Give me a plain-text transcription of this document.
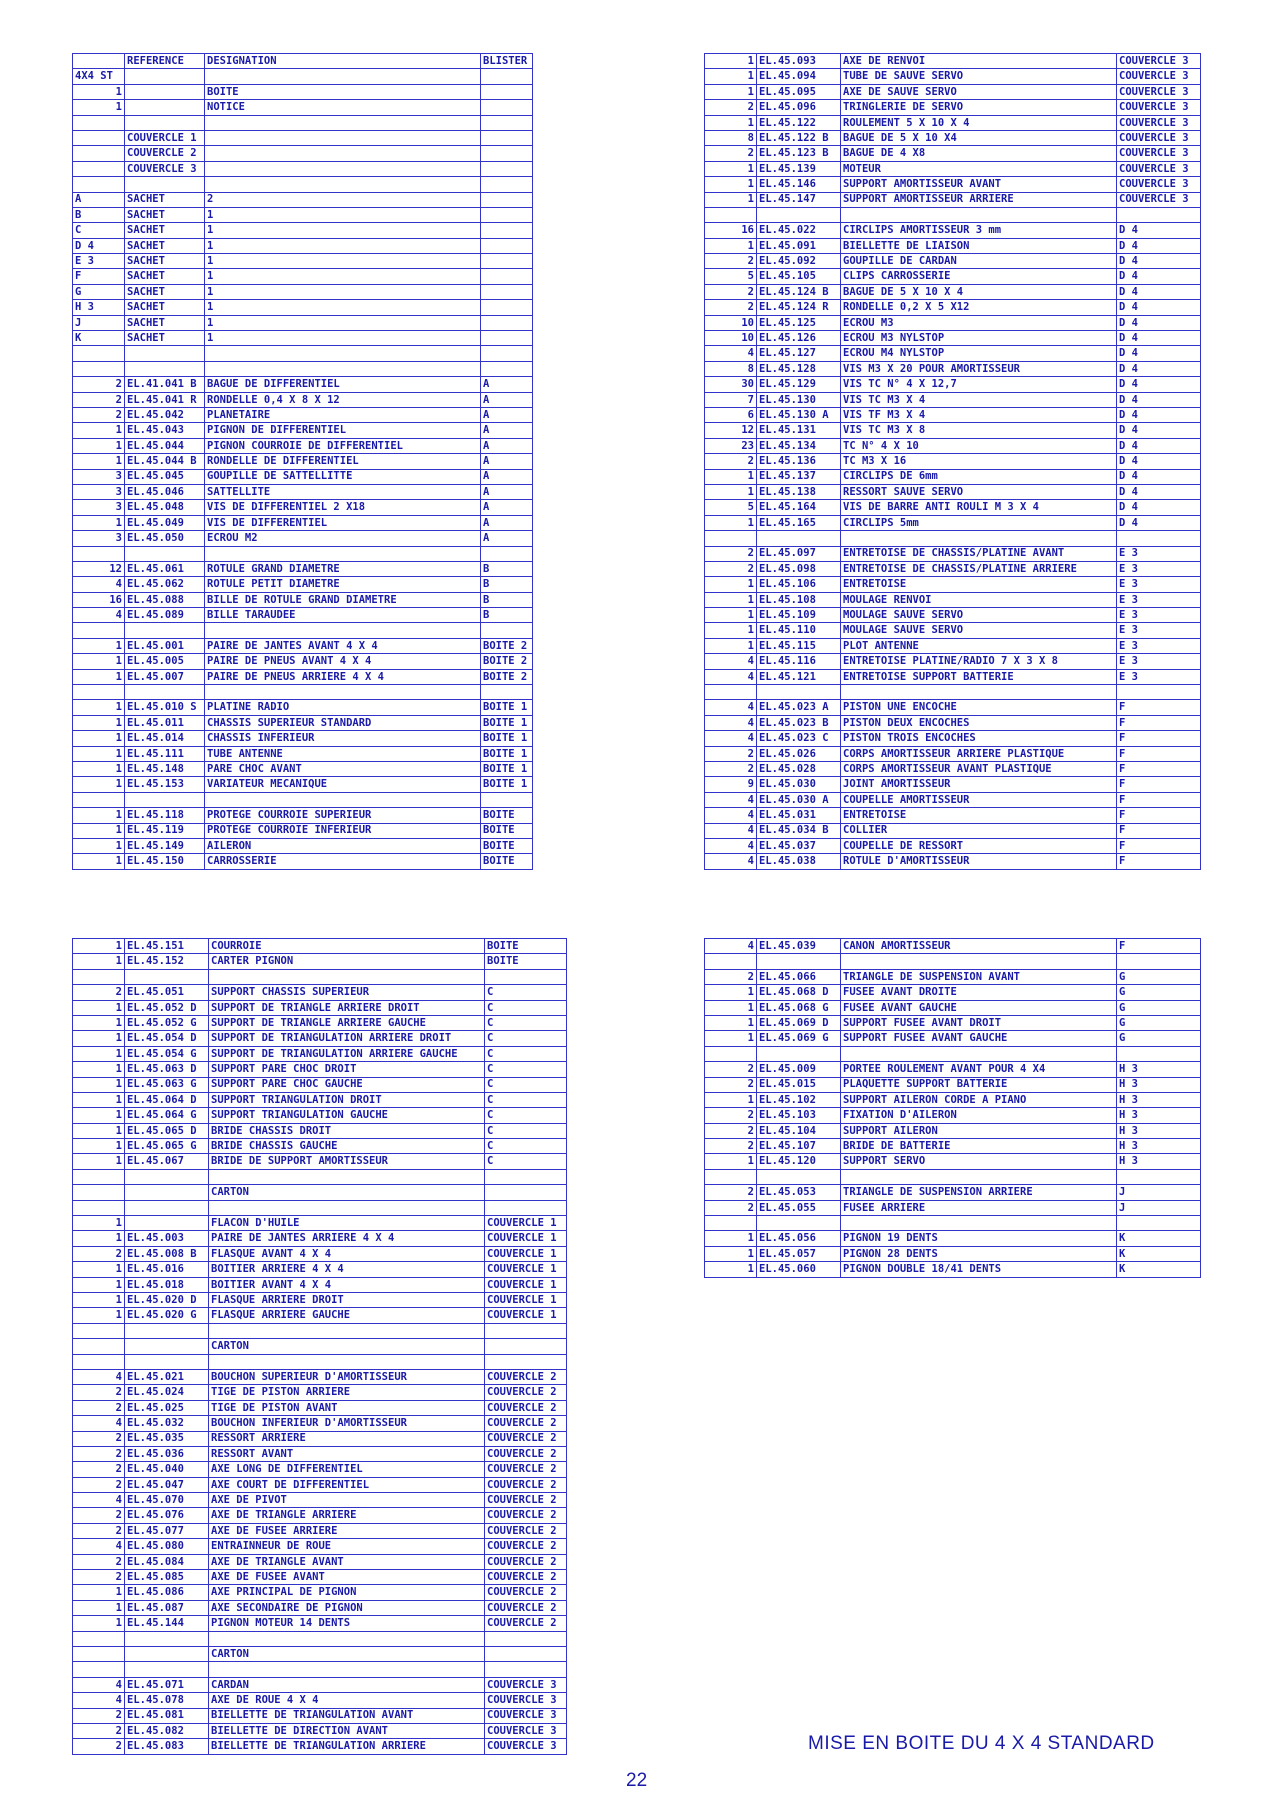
	REFERENCE	DESIGNATION	BLISTER
4X4 ST			
1		BOITE	
1		NOTICE	

	COUVERCLE 1		
	COUVERCLE 2		
	COUVERCLE 3		

A	SACHET	2	
B	SACHET	1	
C	SACHET	1	
D 4	SACHET	1	
E 3	SACHET	1	
F	SACHET	1	
G	SACHET	1	
H 3	SACHET	1	
J	SACHET	1	
K	SACHET	1	

2	EL.41.041 B	BAGUE DE DIFFERENTIEL	A
2	EL.45.041 R	RONDELLE 0,4 X 8 X 12	A
2	EL.45.042	PLANETAIRE	A
1	EL.45.043	PIGNON DE DIFFERENTIEL	A
1	EL.45.044	PIGNON COURROIE DE DIFFERENTIEL	A
1	EL.45.044 B	RONDELLE DE DIFFERENTIEL	A
3	EL.45.045	GOUPILLE DE SATTELLITTE	A
3	EL.45.046	SATTELLITE	A
3	EL.45.048	VIS DE DIFFERENTIEL 2 X18	A
1	EL.45.049	VIS DE DIFFERENTIEL	A
3	EL.45.050	ECROU M2	A

12	EL.45.061	ROTULE GRAND DIAMETRE	B
4	EL.45.062	ROTULE PETIT DIAMETRE	B
16	EL.45.088	BILLE DE ROTULE GRAND DIAMETRE	B
4	EL.45.089	BILLE TARAUDEE	B

1	EL.45.001	PAIRE DE JANTES AVANT 4 X 4	BOITE 2
1	EL.45.005	PAIRE DE PNEUS AVANT 4 X 4	BOITE 2
1	EL.45.007	PAIRE DE PNEUS ARRIERE 4 X 4	BOITE 2

1	EL.45.010 S	PLATINE RADIO	BOITE 1
1	EL.45.011	CHASSIS SUPERIEUR STANDARD	BOITE 1
1	EL.45.014	CHASSIS INFERIEUR	BOITE 1
1	EL.45.111	TUBE ANTENNE	BOITE 1
1	EL.45.148	PARE CHOC AVANT	BOITE 1
1	EL.45.153	VARIATEUR MECANIQUE	BOITE 1

1	EL.45.118	PROTEGE COURROIE SUPERIEUR	BOITE
1	EL.45.119	PROTEGE COURROIE INFERIEUR	BOITE
1	EL.45.149	AILERON	BOITE
1	EL.45.150	CARROSSERIE	BOITE
1	EL.45.093	AXE DE RENVOI	COUVERCLE 3
1	EL.45.094	TUBE DE SAUVE SERVO	COUVERCLE 3
1	EL.45.095	AXE DE SAUVE SERVO	COUVERCLE 3
2	EL.45.096	TRINGLERIE DE SERVO	COUVERCLE 3
1	EL.45.122	ROULEMENT 5 X 10 X 4	COUVERCLE 3
8	EL.45.122 B	BAGUE DE 5 X 10 X4	COUVERCLE 3
2	EL.45.123 B	BAGUE DE 4 X8	COUVERCLE 3
1	EL.45.139	MOTEUR	COUVERCLE 3
1	EL.45.146	SUPPORT AMORTISSEUR AVANT	COUVERCLE 3
1	EL.45.147	SUPPORT AMORTISSEUR ARRIERE	COUVERCLE 3

16	EL.45.022	CIRCLIPS AMORTISSEUR 3 mm	D 4
1	EL.45.091	BIELLETTE DE LIAISON	D 4
2	EL.45.092	GOUPILLE DE CARDAN	D 4
5	EL.45.105	CLIPS CARROSSERIE	D 4
2	EL.45.124 B	BAGUE DE 5 X 10 X 4	D 4
2	EL.45.124 R	RONDELLE 0,2 X 5 X12	D 4
10	EL.45.125	ECROU M3	D 4
10	EL.45.126	ECROU M3 NYLSTOP	D 4
4	EL.45.127	ECROU M4 NYLSTOP	D 4
8	EL.45.128	VIS M3 X 20 POUR AMORTISSEUR	D 4
30	EL.45.129	VIS TC N° 4 X 12,7	D 4
7	EL.45.130	VIS TC M3 X 4	D 4
6	EL.45.130 A	VIS TF M3 X 4	D 4
12	EL.45.131	VIS TC M3 X 8	D 4
23	EL.45.134	TC N° 4 X 10	D 4
2	EL.45.136	TC M3 X 16	D 4
1	EL.45.137	CIRCLIPS DE 6mm	D 4
1	EL.45.138	RESSORT SAUVE SERVO	D 4
5	EL.45.164	VIS DE BARRE ANTI ROULI M 3 X 4	D 4
1	EL.45.165	CIRCLIPS 5mm	D 4

2	EL.45.097	ENTRETOISE DE CHASSIS/PLATINE AVANT	E 3
2	EL.45.098	ENTRETOISE DE CHASSIS/PLATINE ARRIERE	E 3
1	EL.45.106	ENTRETOISE	E 3
1	EL.45.108	MOULAGE RENVOI	E 3
1	EL.45.109	MOULAGE SAUVE SERVO	E 3
1	EL.45.110	MOULAGE SAUVE SERVO	E 3
1	EL.45.115	PLOT ANTENNE	E 3
4	EL.45.116	ENTRETOISE PLATINE/RADIO 7 X 3 X 8	E 3
4	EL.45.121	ENTRETOISE SUPPORT BATTERIE	E 3

4	EL.45.023 A	PISTON UNE ENCOCHE	F
4	EL.45.023 B	PISTON DEUX ENCOCHES	F
4	EL.45.023 C	PISTON TROIS ENCOCHES	F
2	EL.45.026	CORPS AMORTISSEUR ARRIERE PLASTIQUE	F
2	EL.45.028	CORPS AMORTISSEUR AVANT PLASTIQUE	F
9	EL.45.030	JOINT AMORTISSEUR	F
4	EL.45.030 A	COUPELLE AMORTISSEUR	F
4	EL.45.031	ENTRETOISE	F
4	EL.45.034 B	COLLIER	F
4	EL.45.037	COUPELLE DE RESSORT	F
4	EL.45.038	ROTULE D'AMORTISSEUR	F
1	EL.45.151	COURROIE	BOITE
1	EL.45.152	CARTER PIGNON	BOITE

2	EL.45.051	SUPPORT CHASSIS SUPERIEUR	C
1	EL.45.052 D	SUPPORT DE TRIANGLE ARRIERE DROIT	C
1	EL.45.052 G	SUPPORT DE TRIANGLE ARRIERE GAUCHE	C
1	EL.45.054 D	SUPPORT DE TRIANGULATION ARRIERE DROIT	C
1	EL.45.054 G	SUPPORT DE TRIANGULATION ARRIERE GAUCHE	C
1	EL.45.063 D	SUPPORT PARE CHOC DROIT	C
1	EL.45.063 G	SUPPORT PARE CHOC GAUCHE	C
1	EL.45.064 D	SUPPORT TRIANGULATION DROIT	C
1	EL.45.064 G	SUPPORT TRIANGULATION GAUCHE	C
1	EL.45.065 D	BRIDE CHASSIS DROIT	C
1	EL.45.065 G	BRIDE CHASSIS GAUCHE	C
1	EL.45.067	BRIDE DE SUPPORT AMORTISSEUR	C

		CARTON	

1		FLACON D'HUILE	COUVERCLE 1
1	EL.45.003	PAIRE DE JANTES ARRIERE 4 X 4	COUVERCLE 1
2	EL.45.008 B	FLASQUE AVANT 4 X 4	COUVERCLE 1
1	EL.45.016	BOITIER ARRIERE 4 X 4	COUVERCLE 1
1	EL.45.018	BOITIER AVANT 4 X 4	COUVERCLE 1
1	EL.45.020 D	FLASQUE ARRIERE DROIT	COUVERCLE 1
1	EL.45.020 G	FLASQUE ARRIERE GAUCHE	COUVERCLE 1

		CARTON	

4	EL.45.021	BOUCHON SUPERIEUR D'AMORTISSEUR	COUVERCLE 2
2	EL.45.024	TIGE DE PISTON ARRIERE	COUVERCLE 2
2	EL.45.025	TIGE DE PISTON AVANT	COUVERCLE 2
4	EL.45.032	BOUCHON INFERIEUR D'AMORTISSEUR	COUVERCLE 2
2	EL.45.035	RESSORT ARRIERE	COUVERCLE 2
2	EL.45.036	RESSORT AVANT	COUVERCLE 2
2	EL.45.040	AXE LONG DE DIFFERENTIEL	COUVERCLE 2
2	EL.45.047	AXE COURT DE DIFFERENTIEL	COUVERCLE 2
4	EL.45.070	AXE DE PIVOT	COUVERCLE 2
2	EL.45.076	AXE DE TRIANGLE ARRIERE	COUVERCLE 2
2	EL.45.077	AXE DE FUSEE ARRIERE	COUVERCLE 2
4	EL.45.080	ENTRAINNEUR DE ROUE	COUVERCLE 2
2	EL.45.084	AXE DE TRIANGLE AVANT	COUVERCLE 2
2	EL.45.085	AXE DE FUSEE AVANT	COUVERCLE 2
1	EL.45.086	AXE PRINCIPAL DE PIGNON	COUVERCLE 2
1	EL.45.087	AXE SECONDAIRE DE PIGNON	COUVERCLE 2
1	EL.45.144	PIGNON MOTEUR 14 DENTS	COUVERCLE 2

		CARTON	

4	EL.45.071	CARDAN	COUVERCLE 3
4	EL.45.078	AXE DE ROUE 4 X 4	COUVERCLE 3
2	EL.45.081	BIELLETTE DE TRIANGULATION AVANT	COUVERCLE 3
2	EL.45.082	BIELLETTE DE DIRECTION AVANT	COUVERCLE 3
2	EL.45.083	BIELLETTE DE TRIANGULATION ARRIERE	COUVERCLE 3
4	EL.45.039	CANON AMORTISSEUR	F

2	EL.45.066	TRIANGLE DE SUSPENSION AVANT	G
1	EL.45.068 D	FUSEE AVANT DROITE	G
1	EL.45.068 G	FUSEE AVANT GAUCHE	G
1	EL.45.069 D	SUPPORT FUSEE AVANT DROIT	G
1	EL.45.069 G	SUPPORT FUSEE AVANT GAUCHE	G

2	EL.45.009	PORTEE ROULEMENT AVANT POUR 4 X4	H 3
2	EL.45.015	PLAQUETTE SUPPORT BATTERIE	H 3
1	EL.45.102	SUPPORT AILERON CORDE A PIANO	H 3
2	EL.45.103	FIXATION D'AILERON	H 3
2	EL.45.104	SUPPORT AILERON	H 3
2	EL.45.107	BRIDE DE BATTERIE	H 3
1	EL.45.120	SUPPORT SERVO	H 3

2	EL.45.053	TRIANGLE DE SUSPENSION ARRIERE	J
2	EL.45.055	FUSEE ARRIERE	J

1	EL.45.056	PIGNON 19 DENTS	K
1	EL.45.057	PIGNON 28 DENTS	K
1	EL.45.060	PIGNON DOUBLE 18/41 DENTS	K
MISE EN BOITE DU 4 X 4 STANDARD
22
